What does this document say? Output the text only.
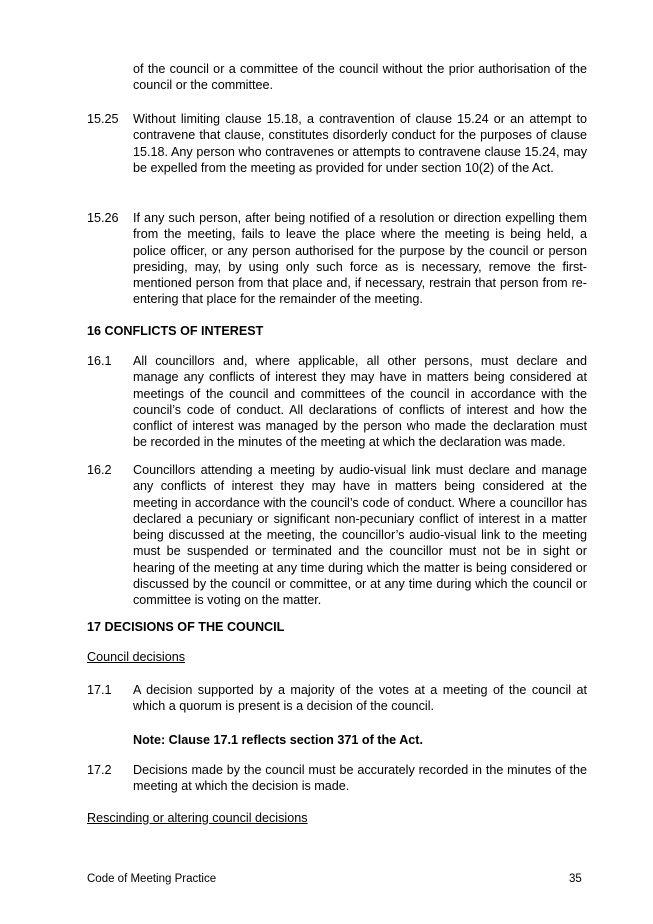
of the council or a committee of the council without the prior authorisation of the council or the committee.
15.25	Without limiting clause 15.18, a contravention of clause 15.24 or an attempt to contravene that clause, constitutes disorderly conduct for the purposes of clause 15.18. Any person who contravenes or attempts to contravene clause 15.24, may be expelled from the meeting as provided for under section 10(2) of the Act.
15.26	If any such person, after being notified of a resolution or direction expelling them from the meeting, fails to leave the place where the meeting is being held, a police officer, or any person authorised for the purpose by the council or person presiding, may, by using only such force as is necessary, remove the first-mentioned person from that place and, if necessary, restrain that person from re-entering that place for the remainder of the meeting.
16 CONFLICTS OF INTEREST
16.1	All councillors and, where applicable, all other persons, must declare and manage any conflicts of interest they may have in matters being considered at meetings of the council and committees of the council in accordance with the council’s code of conduct. All declarations of conflicts of interest and how the conflict of interest was managed by the person who made the declaration must be recorded in the minutes of the meeting at which the declaration was made.
16.2	Councillors attending a meeting by audio-visual link must declare and manage any conflicts of interest they may have in matters being considered at the meeting in accordance with the council’s code of conduct. Where a councillor has declared a pecuniary or significant non-pecuniary conflict of interest in a matter being discussed at the meeting, the councillor’s audio-visual link to the meeting must be suspended or terminated and the councillor must not be in sight or hearing of the meeting at any time during which the matter is being considered or discussed by the council or committee, or at any time during which the council or committee is voting on the matter.
17 DECISIONS OF THE COUNCIL
Council decisions
17.1	A decision supported by a majority of the votes at a meeting of the council at which a quorum is present is a decision of the council.
Note: Clause 17.1 reflects section 371 of the Act.
17.2	Decisions made by the council must be accurately recorded in the minutes of the meeting at which the decision is made.
Rescinding or altering council decisions
Code of Meeting Practice	35
